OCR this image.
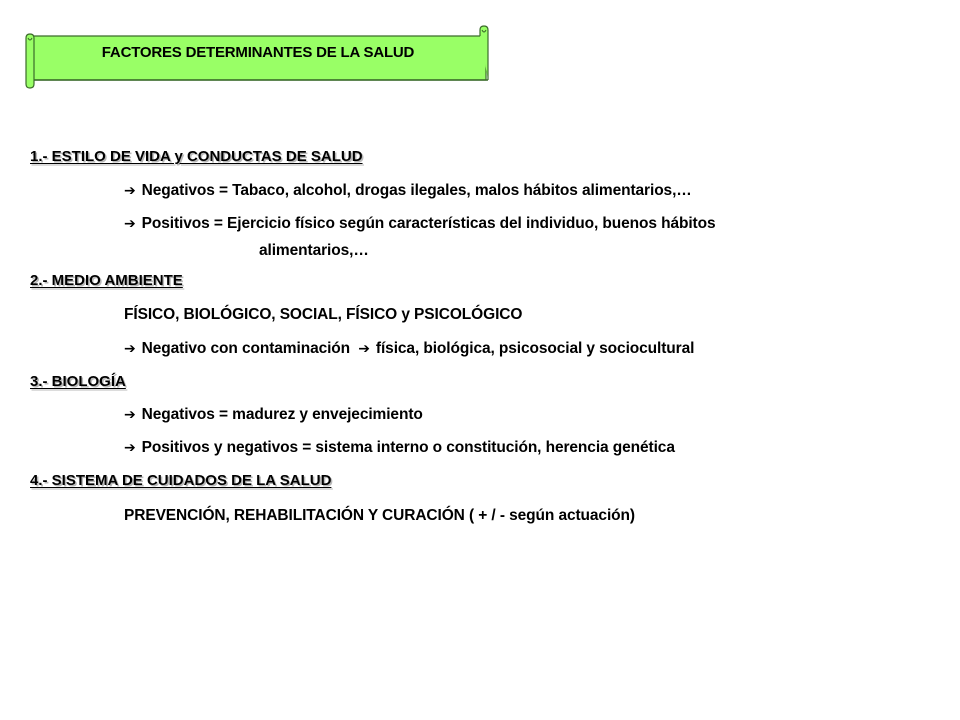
FACTORES DETERMINANTES DE LA SALUD
1.- ESTILO DE VIDA y CONDUCTAS DE SALUD
➔ Negativos = Tabaco, alcohol, drogas ilegales, malos hábitos alimentarios,…
➔ Positivos = Ejercicio físico según características del individuo, buenos hábitos
alimentarios,…
2.- MEDIO AMBIENTE
FÍSICO, BIOLÓGICO, SOCIAL, FÍSICO y PSICOLÓGICO
➔ Negativo con contaminación ➔ física, biológica, psicosocial y sociocultural
3.- BIOLOGÍA
➔ Negativos = madurez y envejecimiento
➔ Positivos y negativos = sistema interno o constitución, herencia genética
4.- SISTEMA DE CUIDADOS DE LA SALUD
PREVENCIÓN, REHABILITACIÓN Y CURACIÓN ( + / - según actuación)
